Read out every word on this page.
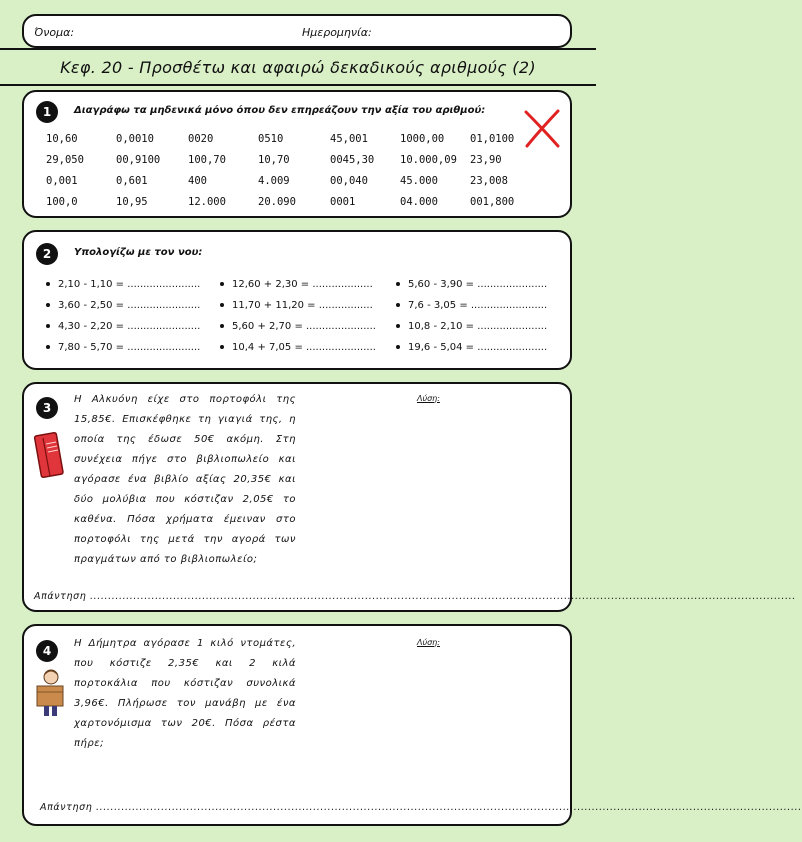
Όνομα:	Ημερομηνία:
Κεφ. 20 - Προσθέτω και αφαιρώ δεκαδικούς αριθμούς (2)
1	Διαγράφω τα μηδενικά μόνο όπου δεν επηρεάζουν την αξία του αριθμού:
10,60	0,0010	0020	0510	45,001	1000,00 01,0100
29,050	00,9100	100,70	10,70	0045,30 10.000,09 23,90
0,001	0,601	400	4.009	00,040	45.000	23,008
100,0	10,95	12.000	20.090	0001	04.000	001,800
2	Υπολογίζω με τον νου:
2,10 - 1,10 = .......................
3,60 - 2,50 = .......................
4,30 - 2,20 = .......................
7,80 - 5,70 = .......................
12,60 + 2,30 = ...................
11,70 + 11,20 = .................
5,60 + 2,70 = ......................
10,4 + 7,05 = ......................
5,60 - 3,90 = ......................
7,6 - 3,05 = ........................
10,8 - 2,10 = ......................
19,6 - 5,04 = ......................
3
Η Αλκυόνη είχε στο πορτοφόλι της
15,85€. Επισκέφθηκε τη γιαγιά της, η
οποία της έδωσε 50€ ακόμη. Στη
συνέχεια πήγε στο βιβλιοπωλείο και
αγόρασε ένα βιβλίο αξίας 20,35€ και
δύο μολύβια που κόστιζαν 2,05€ το
καθένα. Πόσα χρήματα έμειναν στο
πορτοφόλι της μετά την αγορά των
πραγμάτων από το βιβλιοπωλείο;
Λύση:
Απάντηση ...................................................................................................................................................................................................
4
Η Δήμητρα αγόρασε 1 κιλό ντομάτες,
που κόστιζε 2,35€ και 2 κιλά
πορτοκάλια που κόστιζαν συνολικά
3,96€. Πλήρωσε τον μανάβη με ένα
χαρτονόμισμα των 20€. Πόσα ρέστα
πήρε;
Λύση:
Απάντηση ...................................................................................................................................................................................................
